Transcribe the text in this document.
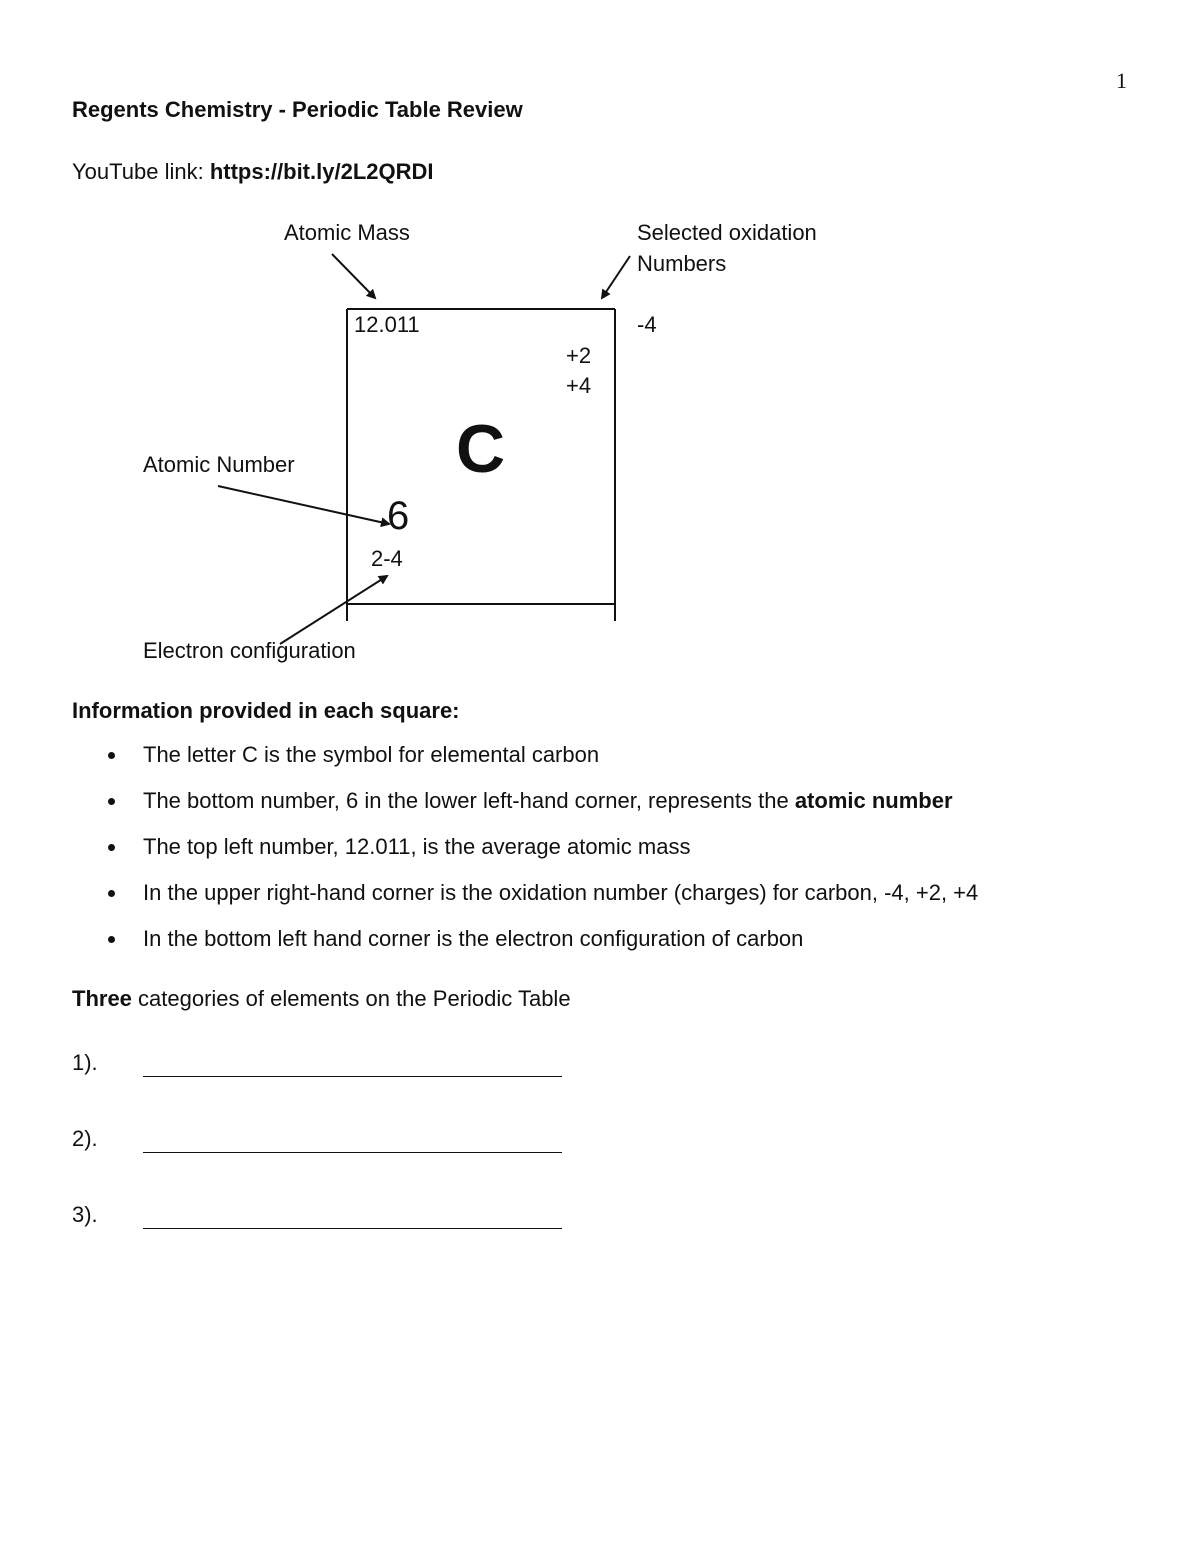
1
Regents Chemistry - Periodic Table Review
YouTube link: https://bit.ly/2L2QRDI
Atomic Mass	Selected oxidation
Numbers
Atomic Number
Electron configuration
12.011	-4
+2
+4
C
6
2-4
Information provided in each square:
The letter C is the symbol for elemental carbon
The bottom number, 6 in the lower left-hand corner, represents the atomic number
The top left number, 12.011, is the average atomic mass
In the upper right-hand corner is the oxidation number (charges) for carbon, -4, +2, +4
In the bottom left hand corner is the electron configuration of carbon
Three categories of elements on the Periodic Table
1).
2).
3).
